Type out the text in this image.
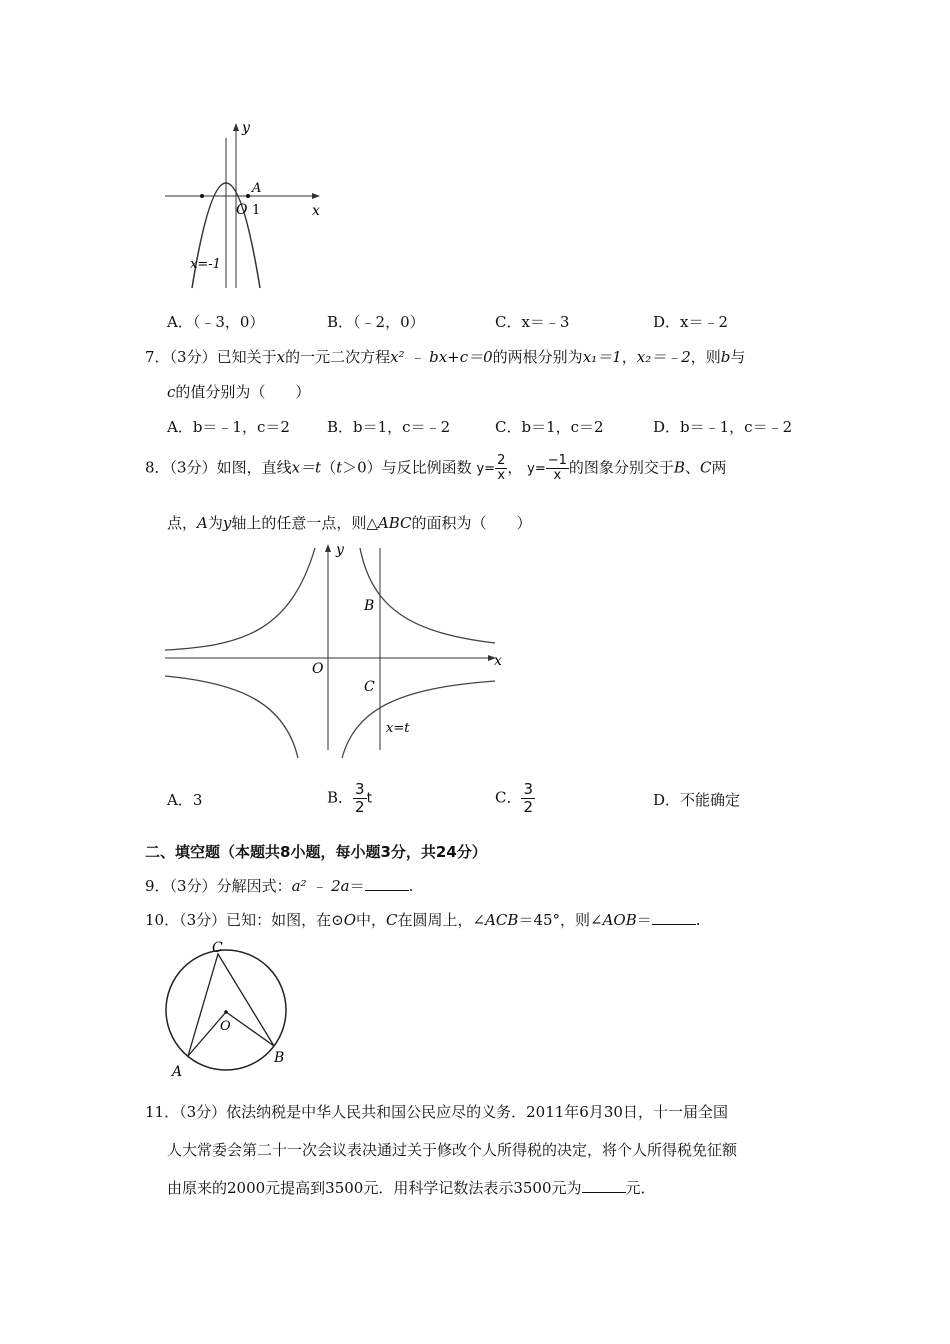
y
x
O
A
1
x=-1
A．（﹣3，0）	B．（﹣2，0）	C．x＝﹣3	D．x＝﹣2
7．（3分）已知关于x的一元二次方程x² ﹣ bx+c＝0的两根分别为x₁＝1，x₂＝﹣2，则b与
c的值分别为（　　）
A．b＝﹣1，c＝2 B．b＝1，c＝﹣2	C．b＝1，c＝2	D．b＝﹣1，c＝﹣2
8．（3分）如图，直线x＝t（t＞0）与反比例函数 $y= \frac{2}{x}$ ， $y= \frac{-1}{x}$ 的图象分别交于B、C两
点，A为y轴上的任意一点，则△ABC的面积为（　　）
y
x
O
B
C
x=t
A．3	B． $\frac{3}{2}$ t	C． $\frac{3}{2}$	D．不能确定
二、填空题（本题共8小题，每小题3分，共24分）
9．（3分）分解因式：a² ﹣ 2a＝	.
10．（3分）已知：如图，在⊙O中，C在圆周上，∠ACB＝45°，则∠AOB＝	.
C
O
A
B
11．（3分）依法纳税是中华人民共和国公民应尽的义务．2011年6月30日，十一届全国
人大常委会第二十一次会议表决通过关于修改个人所得税的决定，将个人所得税免征额
由原来的2000元提高到3500元．用科学记数法表示3500元为	元．
